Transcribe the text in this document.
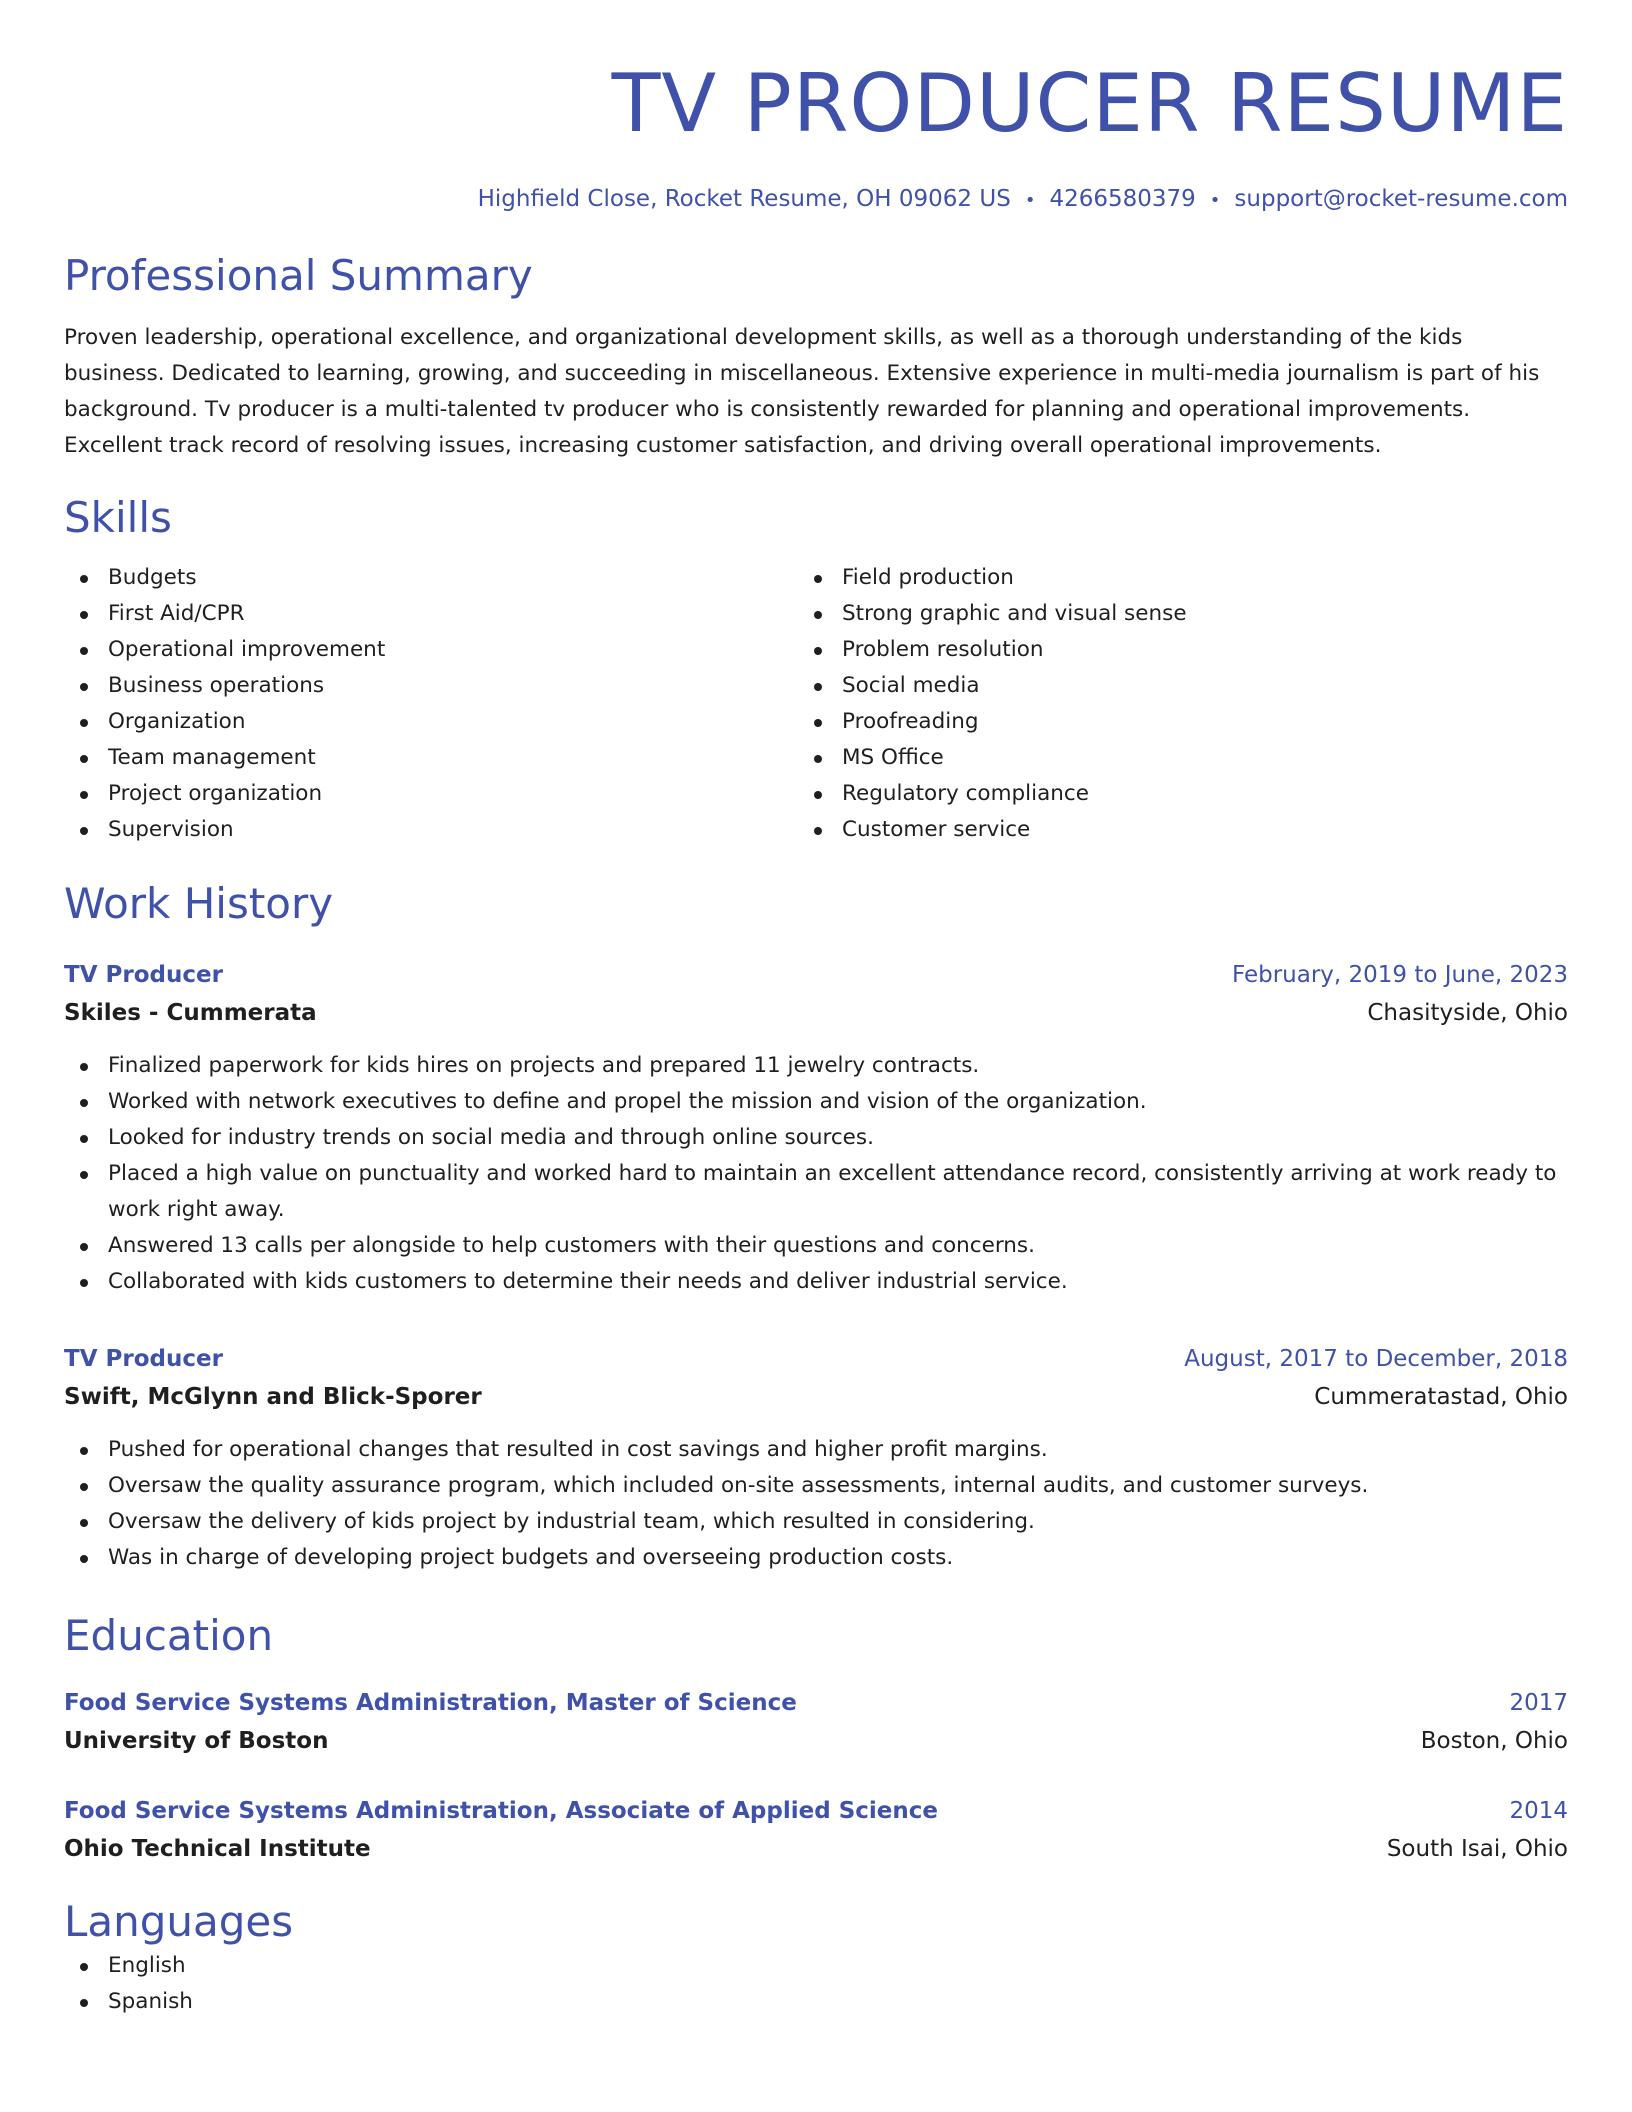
TV PRODUCER RESUME
Highfield Close, Rocket Resume, OH 09062 US • 4266580379 • support@rocket-resume.com
Professional Summary
Proven leadership, operational excellence, and organizational development skills, as well as a thorough understanding of the kids business. Dedicated to learning, growing, and succeeding in miscellaneous. Extensive experience in multi-media journalism is part of his background. Tv producer is a multi-talented tv producer who is consistently rewarded for planning and operational improvements. Excellent track record of resolving issues, increasing customer satisfaction, and driving overall operational improvements.
Skills
Budgets
First Aid/CPR
Operational improvement
Business operations
Organization
Team management
Project organization
Supervision
Field production
Strong graphic and visual sense
Problem resolution
Social media
Proofreading
MS Office
Regulatory compliance
Customer service
Work History
TV Producer	February, 2019 to June, 2023
Skiles - Cummerata	Chasityside, Ohio
Finalized paperwork for kids hires on projects and prepared 11 jewelry contracts.
Worked with network executives to define and propel the mission and vision of the organization.
Looked for industry trends on social media and through online sources.
Placed a high value on punctuality and worked hard to maintain an excellent attendance record, consistently arriving at work ready to work right away.
Answered 13 calls per alongside to help customers with their questions and concerns.
Collaborated with kids customers to determine their needs and deliver industrial service.
TV Producer	August, 2017 to December, 2018
Swift, McGlynn and Blick-Sporer	Cummeratastad, Ohio
Pushed for operational changes that resulted in cost savings and higher profit margins.
Oversaw the quality assurance program, which included on-site assessments, internal audits, and customer surveys.
Oversaw the delivery of kids project by industrial team, which resulted in considering.
Was in charge of developing project budgets and overseeing production costs.
Education
Food Service Systems Administration, Master of Science	2017
University of Boston	Boston, Ohio
Food Service Systems Administration, Associate of Applied Science	2014
Ohio Technical Institute	South Isai, Ohio
Languages
English
Spanish
